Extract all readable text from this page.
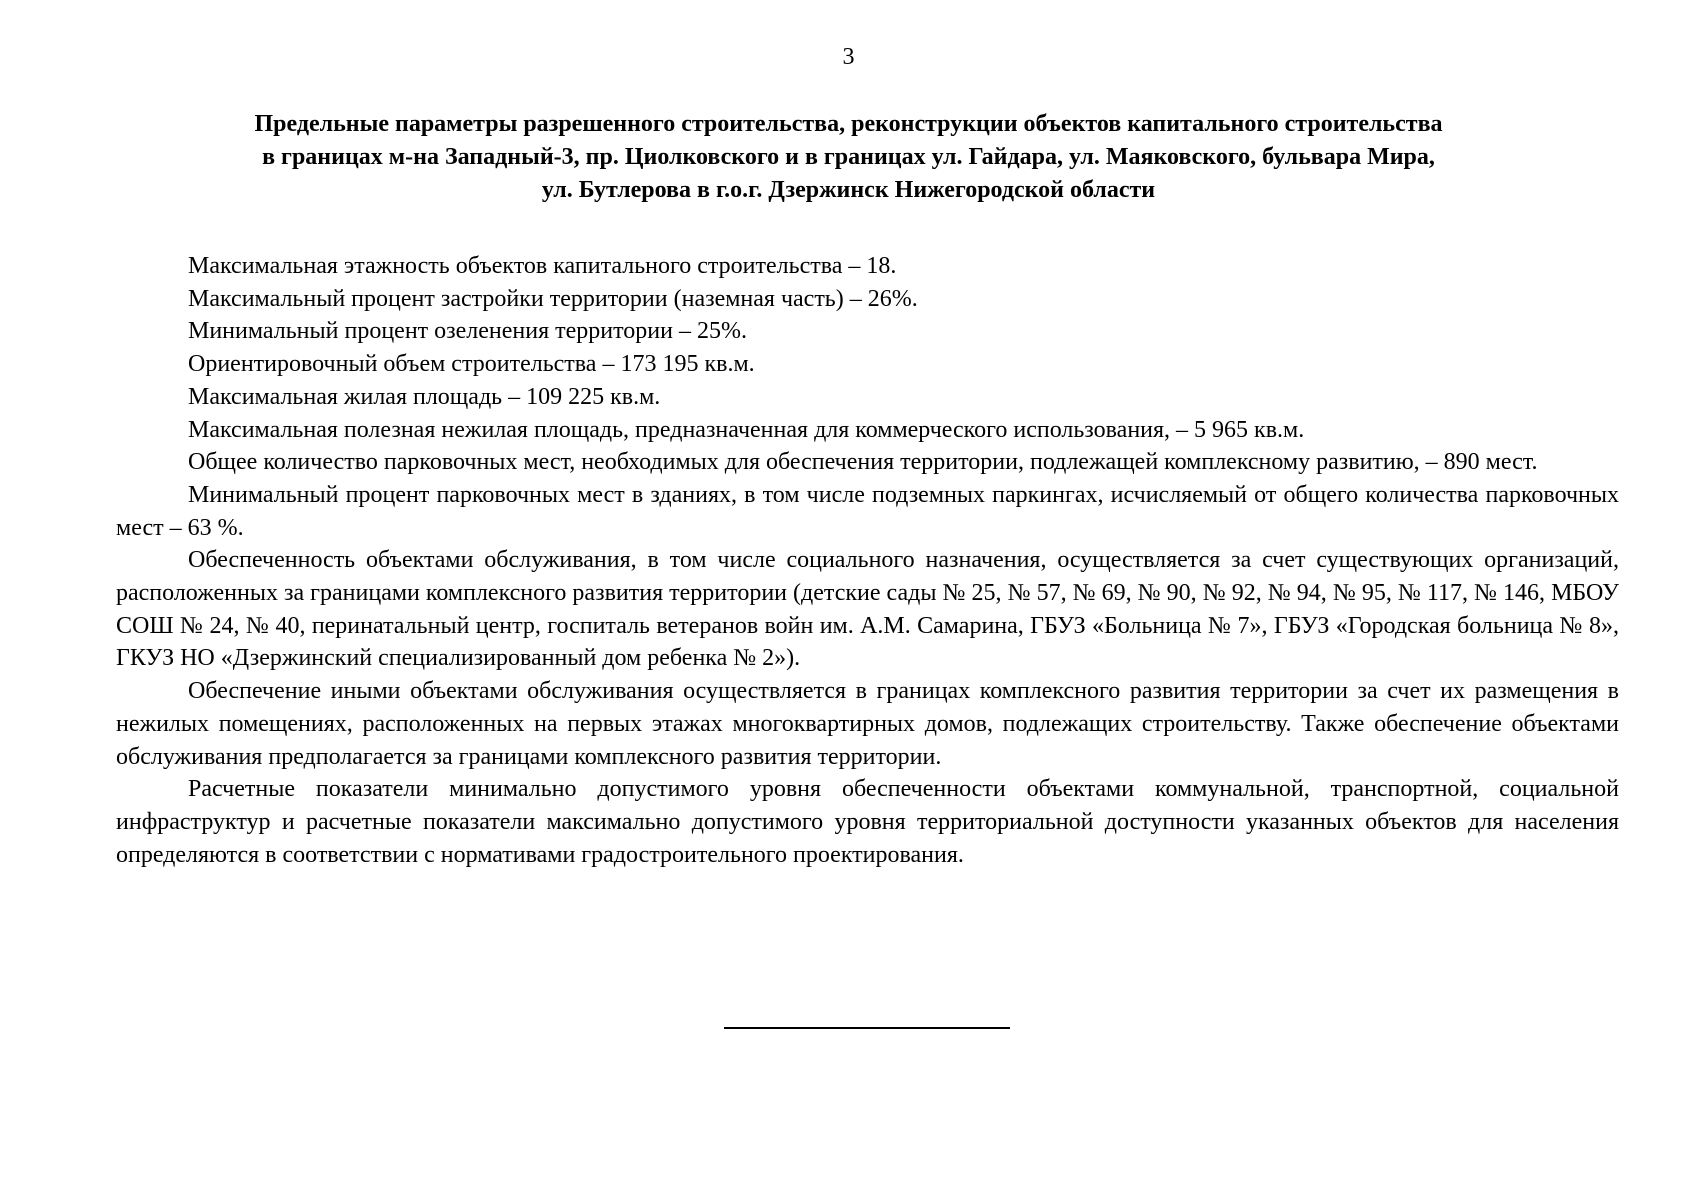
3
Предельные параметры разрешенного строительства, реконструкции объектов капитального строительства
в границах м-на Западный-3, пр. Циолковского и в границах ул. Гайдара, ул. Маяковского, бульвара Мира,
ул. Бутлерова в г.о.г. Дзержинск Нижегородской области

Максимальная этажность объектов капитального строительства – 18.

Максимальный процент застройки территории (наземная часть) – 26%.

Минимальный процент озеленения территории – 25%.

Ориентировочный объем строительства – 173 195 кв.м.

Максимальная жилая площадь – 109 225 кв.м.

Максимальная полезная нежилая площадь, предназначенная для коммерческого использования, – 5 965 кв.м.

Общее количество парковочных мест, необходимых для обеспечения территории, подлежащей комплексному развитию, – 890 мест.

Минимальный процент парковочных мест в зданиях, в том числе подземных паркингах, исчисляемый от общего количества парковочных мест – 63 %.

Обеспеченность объектами обслуживания, в том числе социального назначения, осуществляется за счет существующих организаций, расположенных за границами комплексного развития территории (детские сады № 25, № 57, № 69, № 90, № 92, № 94, № 95, № 117, № 146, МБОУ СОШ № 24, № 40, перинатальный центр, госпиталь ветеранов войн им. А.М. Самарина, ГБУЗ «Больница № 7», ГБУЗ «Городская больница № 8», ГКУЗ НО «Дзержинский специализированный дом ребенка № 2»).

Обеспечение иными объектами обслуживания осуществляется в границах комплексного развития территории за счет их размещения в нежилых помещениях, расположенных на первых этажах многоквартирных домов, подлежащих строительству. Также обеспечение объектами обслуживания предполагается за границами комплексного развития территории.

Расчетные показатели минимально допустимого уровня обеспеченности объектами коммунальной, транспортной, социальной инфраструктур и расчетные показатели максимально допустимого уровня территориальной доступности указанных объектов для населения определяются в соответствии с нормативами градостроительного проектирования.
